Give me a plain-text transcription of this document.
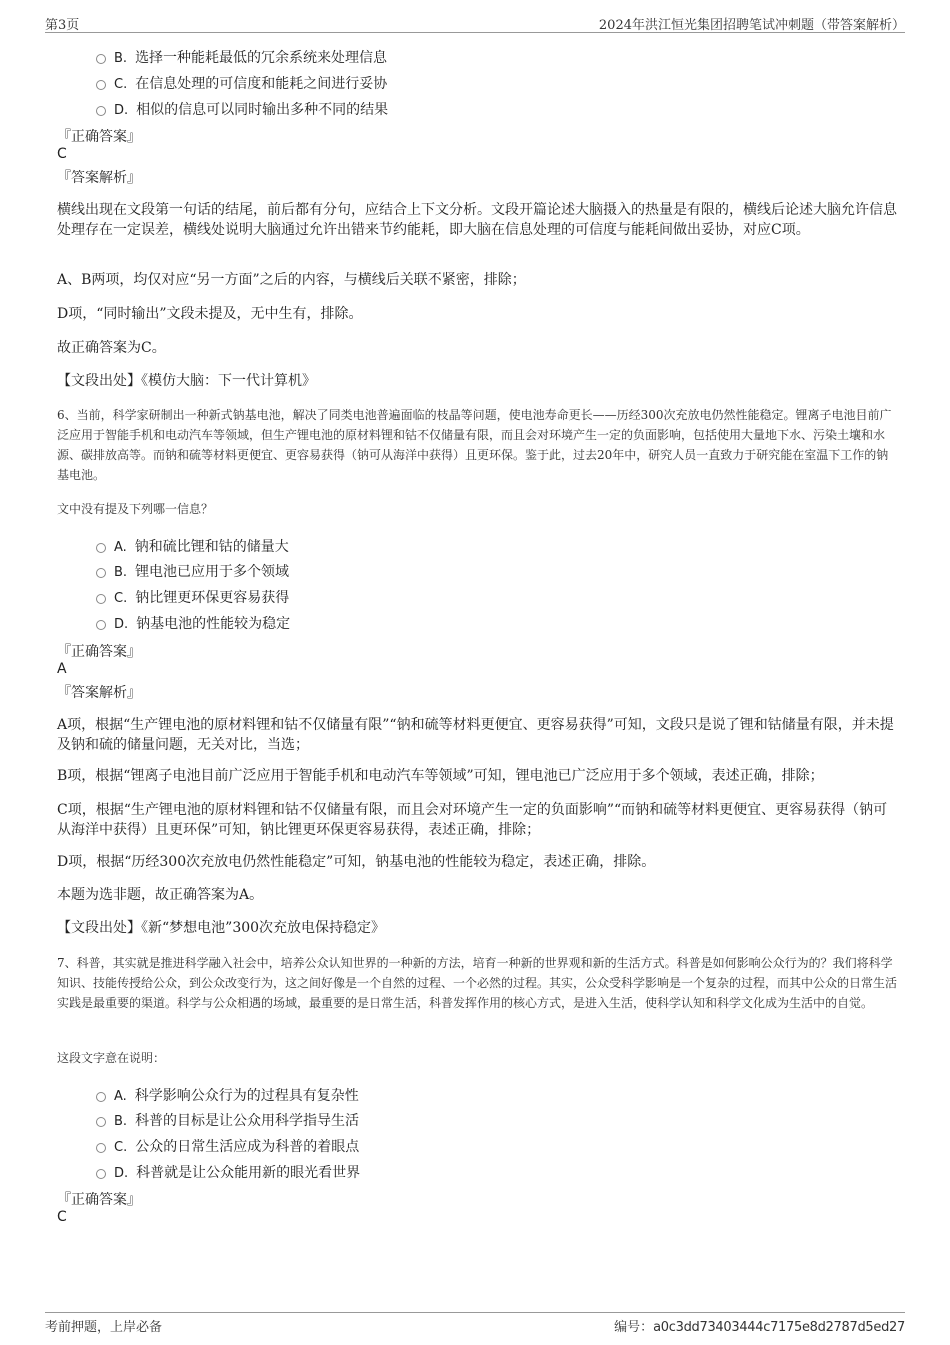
第3页	2024年洪江恒光集团招聘笔试冲刺题（带答案解析）
B. 选择一种能耗最低的冗余系统来处理信息
C. 在信息处理的可信度和能耗之间进行妥协
D. 相似的信息可以同时输出多种不同的结果
『正确答案』
C
『答案解析』
横线出现在文段第一句话的结尾，前后都有分句，应结合上下文分析。文段开篇论述大脑摄入的热量是有限的，横线后论述大脑允许信息处理存在一定误差，横线处说明大脑通过允许出错来节约能耗，即大脑在信息处理的可信度与能耗间做出妥协，对应C项。
A、B两项，均仅对应“另一方面”之后的内容，与横线后关联不紧密，排除；
D项，“同时输出”文段未提及，无中生有，排除。
故正确答案为C。
【文段出处】《模仿大脑：下一代计算机》
6、当前，科学家研制出一种新式钠基电池，解决了同类电池普遍面临的枝晶等问题，使电池寿命更长——历经300次充放电仍然性能稳定。锂离子电池目前广泛应用于智能手机和电动汽车等领域，但生产锂电池的原材料锂和钴不仅储量有限，而且会对环境产生一定的负面影响，包括使用大量地下水、污染土壤和水源、碳排放高等。而钠和硫等材料更便宜、更容易获得（钠可从海洋中获得）且更环保。鉴于此，过去20年中，研究人员一直致力于研究能在室温下工作的钠基电池。
文中没有提及下列哪一信息？
A. 钠和硫比锂和钴的储量大
B. 锂电池已应用于多个领域
C. 钠比锂更环保更容易获得
D. 钠基电池的性能较为稳定
『正确答案』
A
『答案解析』
A项，根据“生产锂电池的原材料锂和钴不仅储量有限”“钠和硫等材料更便宜、更容易获得”可知，文段只是说了锂和钴储量有限，并未提及钠和硫的储量问题，无关对比，当选；
B项，根据“锂离子电池目前广泛应用于智能手机和电动汽车等领域”可知，锂电池已广泛应用于多个领域，表述正确，排除；
C项，根据“生产锂电池的原材料锂和钴不仅储量有限，而且会对环境产生一定的负面影响”“而钠和硫等材料更便宜、更容易获得（钠可从海洋中获得）且更环保”可知，钠比锂更环保更容易获得，表述正确，排除；
D项，根据“历经300次充放电仍然性能稳定”可知，钠基电池的性能较为稳定，表述正确，排除。
本题为选非题，故正确答案为A。
【文段出处】《新“梦想电池”300次充放电保持稳定》
7、科普，其实就是推进科学融入社会中，培养公众认知世界的一种新的方法，培育一种新的世界观和新的生活方式。科普是如何影响公众行为的？我们将科学知识、技能传授给公众，到公众改变行为，这之间好像是一个自然的过程、一个必然的过程。其实，公众受科学影响是一个复杂的过程，而其中公众的日常生活实践是最重要的渠道。科学与公众相遇的场域，最重要的是日常生活，科普发挥作用的核心方式，是进入生活，使科学认知和科学文化成为生活中的自觉。
这段文字意在说明：
A. 科学影响公众行为的过程具有复杂性
B. 科普的目标是让公众用科学指导生活
C. 公众的日常生活应成为科普的着眼点
D. 科普就是让公众能用新的眼光看世界
『正确答案』
C
考前押题，上岸必备	编号：a0c3dd73403444c7175e8d2787d5ed27
